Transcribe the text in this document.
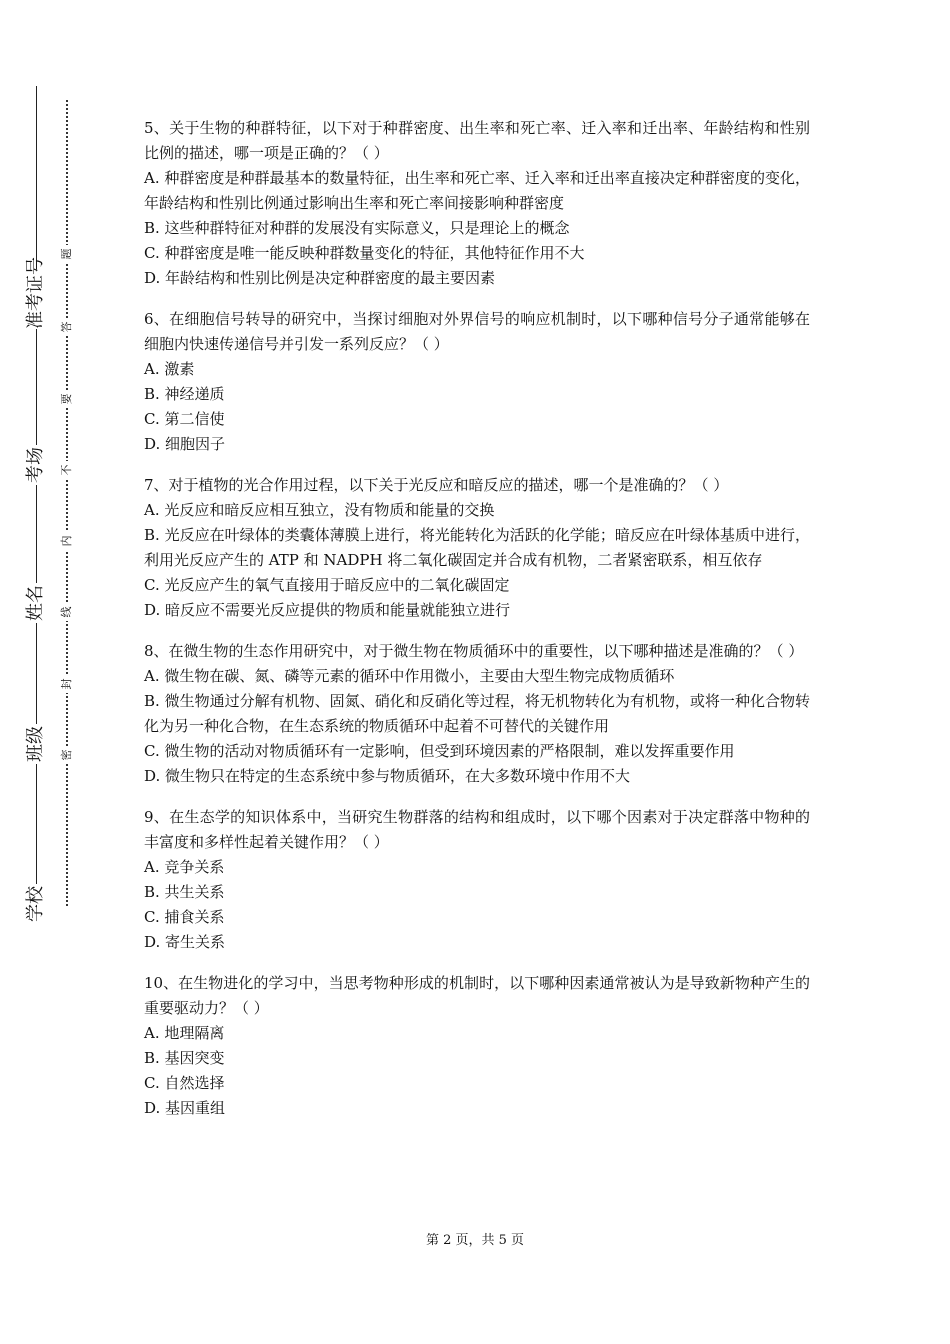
准考证号
考场
姓名
班级
学校
题
答
要
不
内
线
封
密

5、关于生物的种群特征，以下对于种群密度、出生率和死亡率、迁入率和迁出率、年龄结构和性别比例的描述，哪一项是正确的？（ ）

A. 种群密度是种群最基本的数量特征，出生率和死亡率、迁入率和迁出率直接决定种群密度的变化，年龄结构和性别比例通过影响出生率和死亡率间接影响种群密度

B. 这些种群特征对种群的发展没有实际意义，只是理论上的概念

C. 种群密度是唯一能反映种群数量变化的特征，其他特征作用不大

D. 年龄结构和性别比例是决定种群密度的最主要因素

6、在细胞信号转导的研究中，当探讨细胞对外界信号的响应机制时，以下哪种信号分子通常能够在细胞内快速传递信号并引发一系列反应？（ ）

A. 激素

B. 神经递质

C. 第二信使

D. 细胞因子

7、对于植物的光合作用过程，以下关于光反应和暗反应的描述，哪一个是准确的？（ ）

A. 光反应和暗反应相互独立，没有物质和能量的交换

B. 光反应在叶绿体的类囊体薄膜上进行，将光能转化为活跃的化学能；暗反应在叶绿体基质中进行，利用光反应产生的 ATP 和 NADPH 将二氧化碳固定并合成有机物，二者紧密联系，相互依存

C. 光反应产生的氧气直接用于暗反应中的二氧化碳固定

D. 暗反应不需要光反应提供的物质和能量就能独立进行

8、在微生物的生态作用研究中，对于微生物在物质循环中的重要性，以下哪种描述是准确的？（ ）

A. 微生物在碳、氮、磷等元素的循环中作用微小，主要由大型生物完成物质循环

B. 微生物通过分解有机物、固氮、硝化和反硝化等过程，将无机物转化为有机物，或将一种化合物转化为另一种化合物，在生态系统的物质循环中起着不可替代的关键作用

C. 微生物的活动对物质循环有一定影响，但受到环境因素的严格限制，难以发挥重要作用

D. 微生物只在特定的生态系统中参与物质循环，在大多数环境中作用不大

9、在生态学的知识体系中，当研究生物群落的结构和组成时，以下哪个因素对于决定群落中物种的丰富度和多样性起着关键作用？（ ）

A. 竞争关系

B. 共生关系

C. 捕食关系

D. 寄生关系

10、在生物进化的学习中，当思考物种形成的机制时，以下哪种因素通常被认为是导致新物种产生的重要驱动力？（ ）

A. 地理隔离

B. 基因突变

C. 自然选择

D. 基因重组

第 2 页，共 5 页
